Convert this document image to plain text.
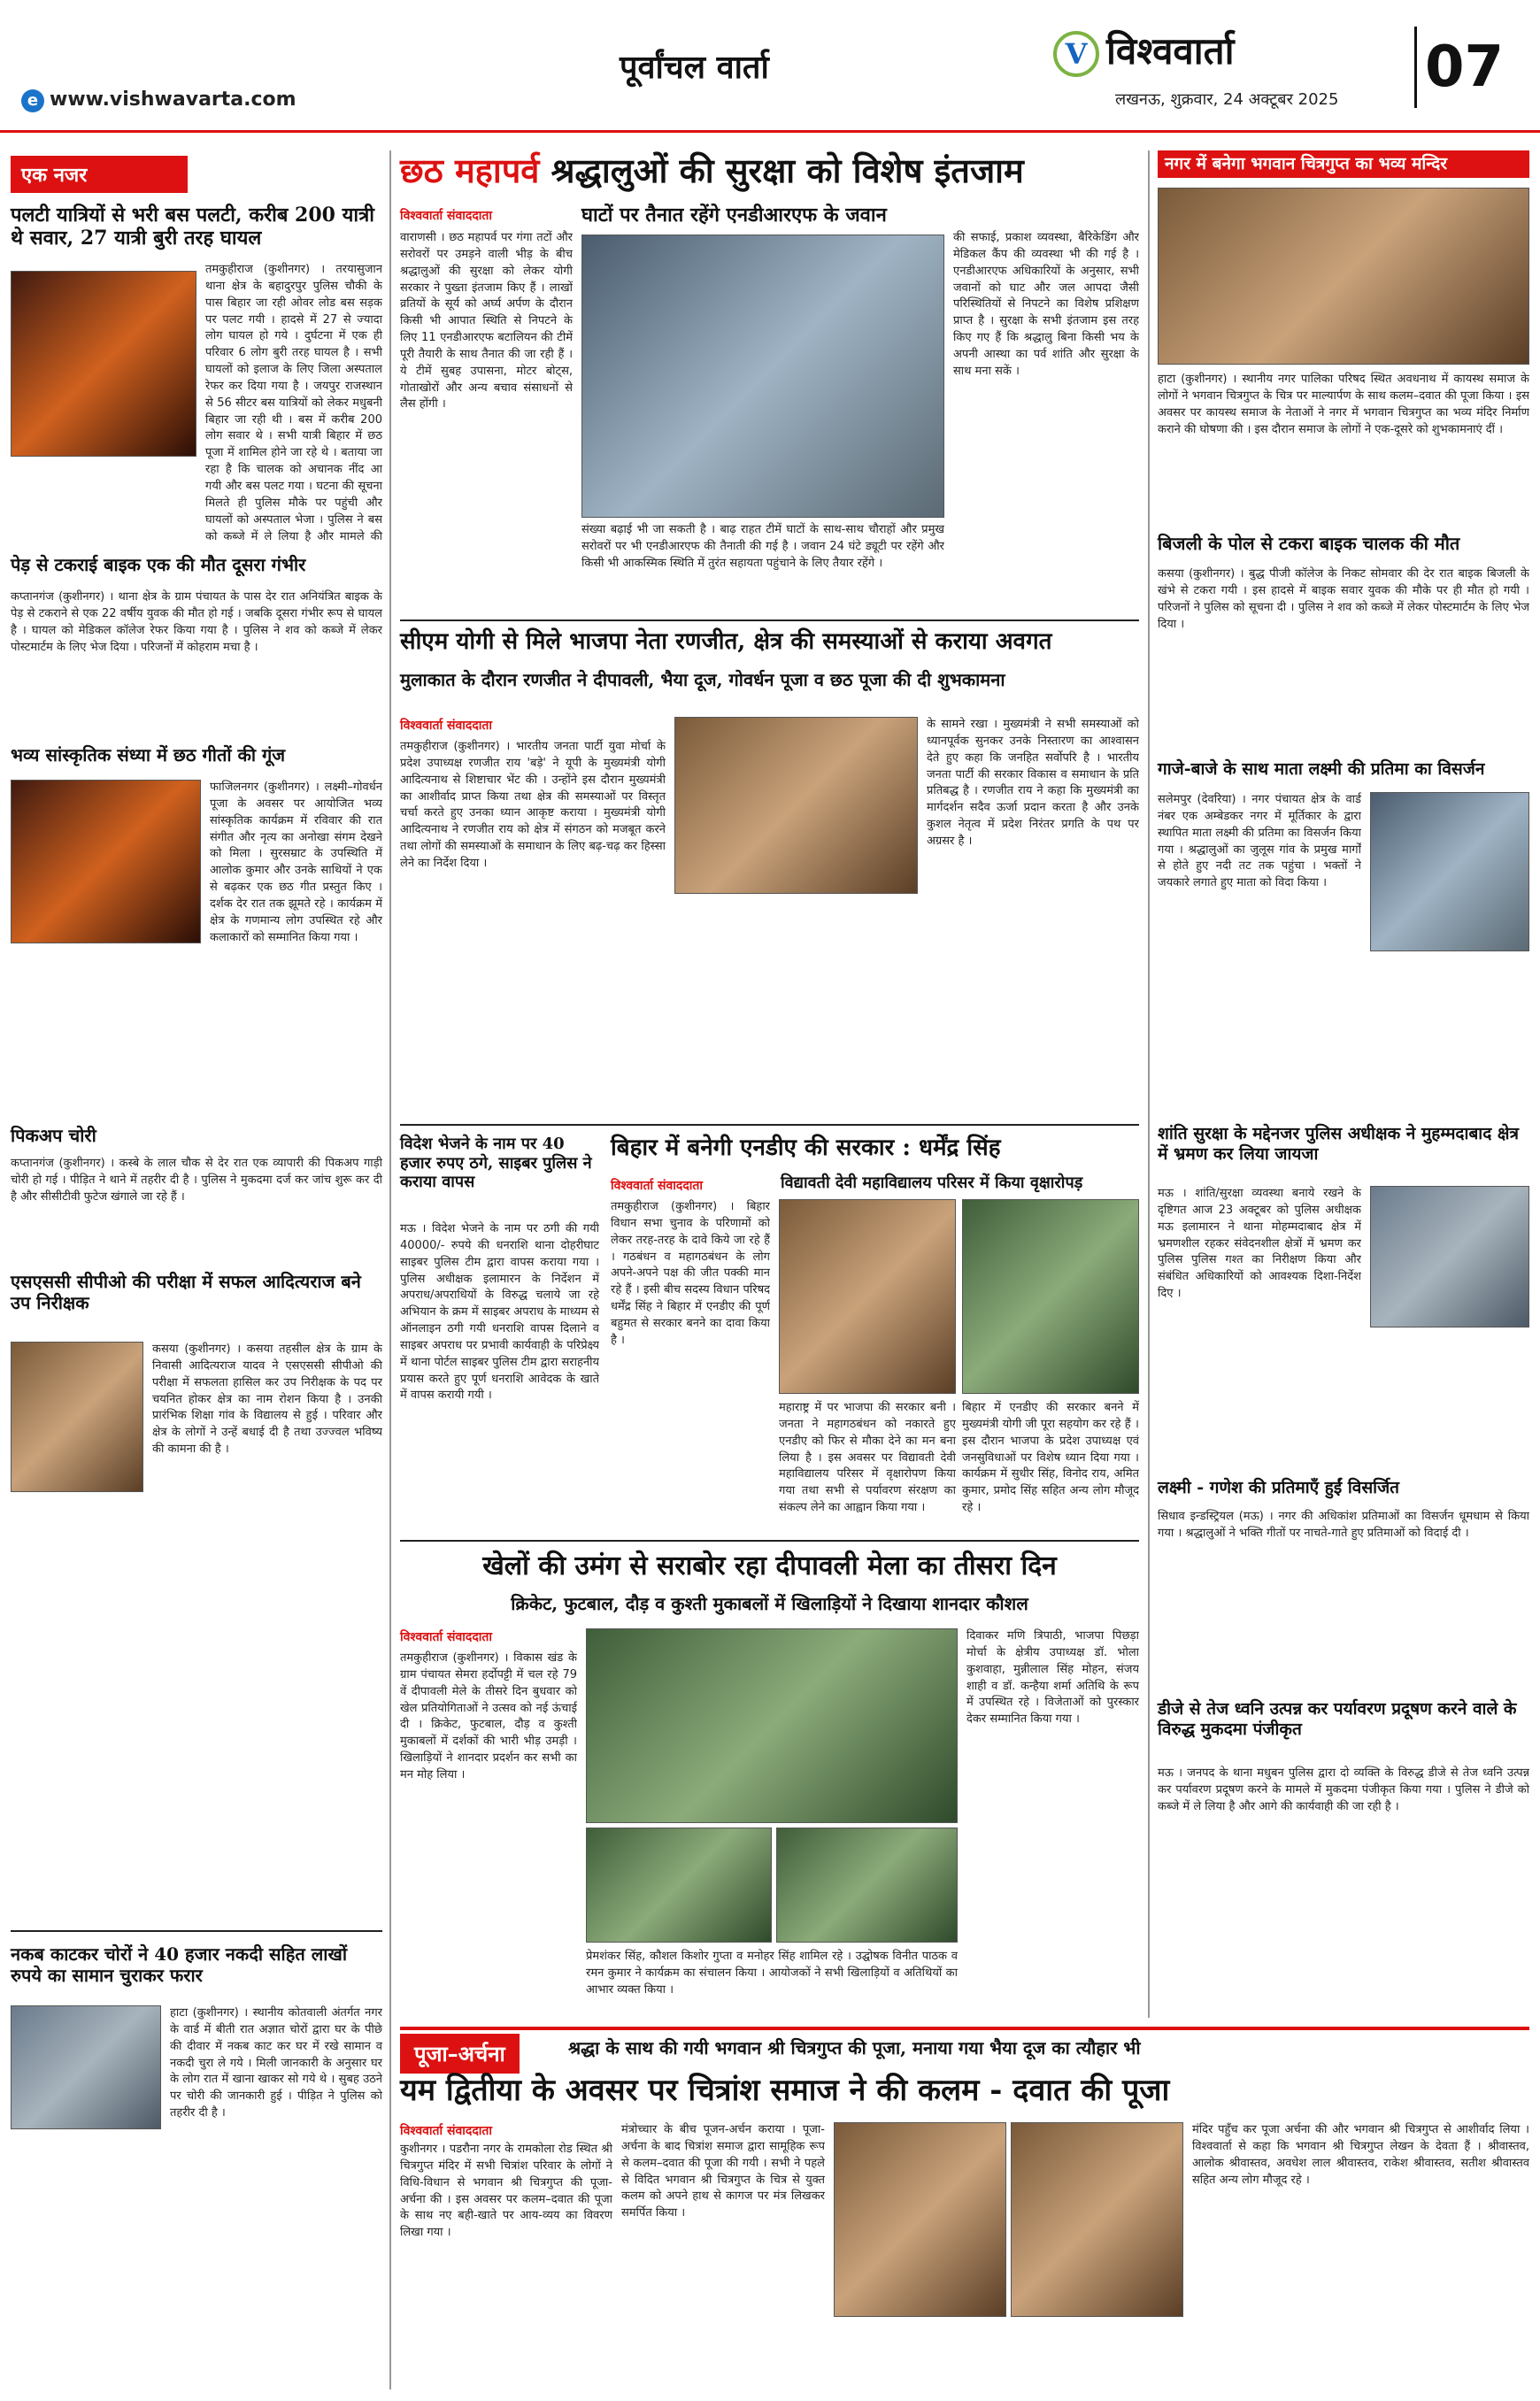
e www.vishwavarta.com
पूर्वांचल वार्ता	V विश्ववार्ता
लखनऊ, शुक्रवार, 24 अक्टूबर 2025 07
एक नजर
पलटी यात्रियों से भरी बस पलटी, करीब 200 यात्री थे सवार, 27 यात्री बुरी तरह घायल
तमकुहीराज (कुशीनगर) । तरयासुजान थाना क्षेत्र के बहादुरपुर पुलिस चौकी के पास बिहार जा रही ओवर लोड बस सड़क पर पलट गयी । हादसे में 27 से ज्यादा लोग घायल हो गये । दुर्घटना में एक ही परिवार 6 लोग बुरी तरह घायल है । सभी घायलों को इलाज के लिए जिला अस्पताल रेफर कर दिया गया है । जयपुर राजस्थान से 56 सीटर बस यात्रियों को लेकर मधुबनी बिहार जा रही थी । बस में करीब 200 लोग सवार थे । सभी यात्री बिहार में छठ पूजा में शामिल होने जा रहे थे । बताया जा रहा है कि चालक को अचानक नींद आ गयी और बस पलट गया । घटना की सूचना मिलते ही पुलिस मौके पर पहुंची और घायलों को अस्पताल भेजा । पुलिस ने बस को कब्जे में ले लिया है और मामले की
पेड़ से टकराई बाइक एक की मौत दूसरा गंभीर
कप्तानगंज (कुशीनगर) । थाना क्षेत्र के ग्राम पंचायत के पास देर रात अनियंत्रित बाइक के पेड़ से टकराने से एक 22 वर्षीय युवक की मौत हो गई । जबकि दूसरा गंभीर रूप से घायल है । घायल को मेडिकल कॉलेज रेफर किया गया है । पुलिस ने शव को कब्जे में लेकर पोस्टमार्टम के लिए भेज दिया । परिजनों में कोहराम मचा है ।
भव्य सांस्कृतिक संध्या में छठ गीतों की गूंज
फाजिलनगर (कुशीनगर) । लक्ष्मी–गोवर्धन पूजा के अवसर पर आयोजित भव्य सांस्कृतिक कार्यक्रम में रविवार की रात संगीत और नृत्य का अनोखा संगम देखने को मिला । सुरसम्राट के उपस्थिति में आलोक कुमार और उनके साथियों ने एक से बढ़कर एक छठ गीत प्रस्तुत किए । दर्शक देर रात तक झूमते रहे । कार्यक्रम में क्षेत्र के गणमान्य लोग उपस्थित रहे और कलाकारों को सम्मानित किया गया ।
पिकअप चोरी
कप्तानगंज (कुशीनगर) । कस्बे के लाल चौक से देर रात एक व्यापारी की पिकअप गाड़ी चोरी हो गई । पीड़ित ने थाने में तहरीर दी है । पुलिस ने मुकदमा दर्ज कर जांच शुरू कर दी है और सीसीटीवी फुटेज खंगाले जा रहे हैं ।
एसएससी सीपीओ की परीक्षा में सफल आदित्यराज बने उप निरीक्षक
कसया (कुशीनगर) । कसया तहसील क्षेत्र के ग्राम के निवासी आदित्यराज यादव ने एसएससी सीपीओ की परीक्षा में सफलता हासिल कर उप निरीक्षक के पद पर चयनित होकर क्षेत्र का नाम रोशन किया है । उनकी प्रारंभिक शिक्षा गांव के विद्यालय से हुई । परिवार और क्षेत्र के लोगों ने उन्हें बधाई दी है तथा उज्ज्वल भविष्य की कामना की है ।
नकब काटकर चोरों ने 40 हजार नकदी सहित लाखों रुपये का सामान चुराकर फरार
हाटा (कुशीनगर) । स्थानीय कोतवाली अंतर्गत नगर के वार्ड में बीती रात अज्ञात चोरों द्वारा घर के पीछे की दीवार में नकब काट कर घर में रखे सामान व नकदी चुरा ले गये । मिली जानकारी के अनुसार घर के लोग रात में खाना खाकर सो गये थे । सुबह उठने पर चोरी की जानकारी हुई । पीड़ित ने पुलिस को तहरीर दी है ।
छठ महापर्व श्रद्धालुओं की सुरक्षा को विशेष इंतजाम
विश्ववार्ता संवाददाता	घाटों पर तैनात रहेंगे एनडीआरएफ के जवान
वाराणसी । छठ महापर्व पर गंगा तटों और सरोवरों पर उमड़ने वाली भीड़ के बीच श्रद्धालुओं की सुरक्षा को लेकर योगी सरकार ने पुख्ता इंतजाम किए हैं । लाखों व्रतियों के सूर्य को अर्घ्य अर्पण के दौरान किसी भी आपात स्थिति से निपटने के लिए 11 एनडीआरएफ बटालियन की टीमें पूरी तैयारी के साथ तैनात की जा रही हैं । ये टीमें सुबह उपासना, मोटर बोट्स, गोताखोरों और अन्य बचाव संसाधनों से लैस होंगी ।
संख्या बढ़ाई भी जा सकती है । बाढ़ राहत टीमें घाटों के साथ-साथ चौराहों और प्रमुख सरोवरों पर भी एनडीआरएफ की तैनाती की गई है । जवान 24 घंटे ड्यूटी पर रहेंगे और किसी भी आकस्मिक स्थिति में तुरंत सहायता पहुंचाने के लिए तैयार रहेंगे ।
की सफाई, प्रकाश व्यवस्था, बैरिकेडिंग और मेडिकल कैंप की व्यवस्था भी की गई है । एनडीआरएफ अधिकारियों के अनुसार, सभी जवानों को घाट और जल आपदा जैसी परिस्थितियों से निपटने का विशेष प्रशिक्षण प्राप्त है । सुरक्षा के सभी इंतजाम इस तरह किए गए हैं कि श्रद्धालु बिना किसी भय के अपनी आस्था का पर्व शांति और सुरक्षा के साथ मना सकें ।
सीएम योगी से मिले भाजपा नेता रणजीत, क्षेत्र की समस्याओं से कराया अवगत
मुलाकात के दौरान रणजीत ने दीपावली, भैया दूज, गोवर्धन पूजा व छठ पूजा की दी शुभकामना
विश्ववार्ता संवाददाता
तमकुहीराज (कुशीनगर) । भारतीय जनता पार्टी युवा मोर्चा के प्रदेश उपाध्यक्ष रणजीत राय 'बड़े' ने यूपी के मुख्यमंत्री योगी आदित्यनाथ से शिष्टाचार भेंट की । उन्होंने इस दौरान मुख्यमंत्री का आशीर्वाद प्राप्त किया तथा क्षेत्र की समस्याओं पर विस्तृत चर्चा करते हुए उनका ध्यान आकृष्ट कराया । मुख्यमंत्री योगी आदित्यनाथ ने रणजीत राय को क्षेत्र में संगठन को मजबूत करने तथा लोगों की समस्याओं के समाधान के लिए बढ़-चढ़ कर हिस्सा लेने का निर्देश दिया ।
के सामने रखा । मुख्यमंत्री ने सभी समस्याओं को ध्यानपूर्वक सुनकर उनके निस्तारण का आश्वासन देते हुए कहा कि जनहित सर्वोपरि है । भारतीय जनता पार्टी की सरकार विकास व समाधान के प्रति प्रतिबद्ध है । रणजीत राय ने कहा कि मुख्यमंत्री का मार्गदर्शन सदैव ऊर्जा प्रदान करता है और उनके कुशल नेतृत्व में प्रदेश निरंतर प्रगति के पथ पर अग्रसर है ।
विदेश भेजने के नाम पर 40 हजार रुपए ठगे, साइबर पुलिस ने कराया वापस
मऊ । विदेश भेजने के नाम पर ठगी की गयी 40000/- रुपये की धनराशि थाना दोहरीघाट साइबर पुलिस टीम द्वारा वापस कराया गया । पुलिस अधीक्षक इलामारन के निर्देशन में अपराध/अपराधियों के विरुद्ध चलाये जा रहे अभियान के क्रम में साइबर अपराध के माध्यम से ऑनलाइन ठगी गयी धनराशि वापस दिलाने व साइबर अपराध पर प्रभावी कार्यवाही के परिप्रेक्ष्य में थाना पोर्टल साइबर पुलिस टीम द्वारा सराहनीय प्रयास करते हुए पूर्ण धनराशि आवेदक के खाते में वापस करायी गयी ।
बिहार में बनेगी एनडीए की सरकार : धर्मेंद्र सिंह
विश्ववार्ता संवाददाता	विद्यावती देवी महाविद्यालय परिसर में किया वृक्षारोपड़
तमकुहीराज (कुशीनगर) । बिहार विधान सभा चुनाव के परिणामों को लेकर तरह-तरह के दावे किये जा रहे हैं । गठबंधन व महागठबंधन के लोग अपने-अपने पक्ष की जीत पक्की मान रहे हैं । इसी बीच सदस्य विधान परिषद धर्मेंद्र सिंह ने बिहार में एनडीए की पूर्ण बहुमत से सरकार बनने का दावा किया है ।
महाराष्ट्र में पर भाजपा की सरकार बनी । जनता ने महागठबंधन को नकारते हुए एनडीए को फिर से मौका देने का मन बना लिया है । इस अवसर पर विद्यावती देवी महाविद्यालय परिसर में वृक्षारोपण किया गया तथा सभी से पर्यावरण संरक्षण का संकल्प लेने का आह्वान किया गया ।
बिहार में एनडीए की सरकार बनने में मुख्यमंत्री योगी जी पूरा सहयोग कर रहे हैं । इस दौरान भाजपा के प्रदेश उपाध्यक्ष एवं जनसुविधाओं पर विशेष ध्यान दिया गया । कार्यक्रम में सुधीर सिंह, विनोद राय, अमित कुमार, प्रमोद सिंह सहित अन्य लोग मौजूद रहे ।
खेलों की उमंग से सराबोर रहा दीपावली मेला का तीसरा दिन
क्रिकेट, फुटबाल, दौड़ व कुश्ती मुकाबलों में खिलाड़ियों ने दिखाया शानदार कौशल
विश्ववार्ता संवाददाता
तमकुहीराज (कुशीनगर) । विकास खंड के ग्राम पंचायत सेमरा हर्दोपट्टी में चल रहे 79 वें दीपावली मेले के तीसरे दिन बुधवार को खेल प्रतियोगिताओं ने उत्सव को नई ऊंचाई दी । क्रिकेट, फुटबाल, दौड़ व कुश्ती मुकाबलों में दर्शकों की भारी भीड़ उमड़ी । खिलाड़ियों ने शानदार प्रदर्शन कर सभी का मन मोह लिया ।
दिवाकर मणि त्रिपाठी, भाजपा पिछड़ा मोर्चा के क्षेत्रीय उपाध्यक्ष डॉ. भोला कुशवाहा, मुन्नीलाल सिंह मोहन, संजय शाही व डॉ. कन्हैया शर्मा अतिथि के रूप में उपस्थित रहे । विजेताओं को पुरस्कार देकर सम्मानित किया गया ।
प्रेमशंकर सिंह, कौशल किशोर गुप्ता व मनोहर सिंह शामिल रहे । उद्घोषक विनीत पाठक व रमन कुमार ने कार्यक्रम का संचालन किया । आयोजकों ने सभी खिलाड़ियों व अतिथियों का आभार व्यक्त किया ।
नगर में बनेगा भगवान चित्रगुप्त का भव्य मन्दिर
हाटा (कुशीनगर) । स्थानीय नगर पालिका परिषद स्थित अवधनाथ में कायस्थ समाज के लोगों ने भगवान चित्रगुप्त के चित्र पर माल्यार्पण के साथ कलम–दवात की पूजा किया । इस अवसर पर कायस्थ समाज के नेताओं ने नगर में भगवान चित्रगुप्त का भव्य मंदिर निर्माण कराने की घोषणा की । इस दौरान समाज के लोगों ने एक-दूसरे को शुभकामनाएं दीं ।
बिजली के पोल से टकरा बाइक चालक की मौत
कसया (कुशीनगर) । बुद्ध पीजी कॉलेज के निकट सोमवार की देर रात बाइक बिजली के खंभे से टकरा गयी । इस हादसे में बाइक सवार युवक की मौके पर ही मौत हो गयी । परिजनों ने पुलिस को सूचना दी । पुलिस ने शव को कब्जे में लेकर पोस्टमार्टम के लिए भेज दिया ।
गाजे-बाजे के साथ माता लक्ष्मी की प्रतिमा का विसर्जन
सलेमपुर (देवरिया) । नगर पंचायत क्षेत्र के वार्ड नंबर एक अम्बेडकर नगर में मूर्तिकार के द्वारा स्थापित माता लक्ष्मी की प्रतिमा का विसर्जन किया गया । श्रद्धालुओं का जुलूस गांव के प्रमुख मार्गों से होते हुए नदी तट तक पहुंचा । भक्तों ने जयकारे लगाते हुए माता को विदा किया ।
शांति सुरक्षा के मद्देनजर पुलिस अधीक्षक ने मुहम्मदाबाद क्षेत्र में भ्रमण कर लिया जायजा
मऊ । शांति/सुरक्षा व्यवस्था बनाये रखने के दृष्टिगत आज 23 अक्टूबर को पुलिस अधीक्षक मऊ इलामारन ने थाना मोहम्मदाबाद क्षेत्र में भ्रमणशील रहकर संवेदनशील क्षेत्रों में भ्रमण कर पुलिस पुलिस गश्त का निरीक्षण किया और संबंधित अधिकारियों को आवश्यक दिशा-निर्देश दिए ।
लक्ष्मी - गणेश की प्रतिमाएँ हुईं विसर्जित
सिधाव इन्डस्ट्रियल (मऊ) । नगर की अधिकांश प्रतिमाओं का विसर्जन धूमधाम से किया गया । श्रद्धालुओं ने भक्ति गीतों पर नाचते-गाते हुए प्रतिमाओं को विदाई दी ।
डीजे से तेज ध्वनि उत्पन्न कर पर्यावरण प्रदूषण करने वाले के विरुद्ध मुकदमा पंजीकृत
मऊ । जनपद के थाना मधुबन पुलिस द्वारा दो व्यक्ति के विरुद्ध डीजे से तेज ध्वनि उत्पन्न कर पर्यावरण प्रदूषण करने के मामले में मुकदमा पंजीकृत किया गया । पुलिस ने डीजे को कब्जे में ले लिया है और आगे की कार्यवाही की जा रही है ।
पूजा–अर्चना	श्रद्धा के साथ की गयी भगवान श्री चित्रगुप्त की पूजा, मनाया गया भैया दूज का त्यौहार भी
यम द्वितीया के अवसर पर चित्रांश समाज ने की कलम - दवात की पूजा
विश्ववार्ता संवाददाता
कुशीनगर । पडरौना नगर के रामकोला रोड स्थित श्री चित्रगुप्त मंदिर में सभी चित्रांश परिवार के लोगों ने विधि-विधान से भगवान श्री चित्रगुप्त की पूजा-अर्चना की । इस अवसर पर कलम–दवात की पूजा के साथ नए बही-खाते पर आय-व्यय का विवरण लिखा गया ।
मंत्रोच्चार के बीच पूजन-अर्चन कराया । पूजा-अर्चना के बाद चित्रांश समाज द्वारा सामूहिक रूप से कलम–दवात की पूजा की गयी । सभी ने पहले से विदित भगवान श्री चित्रगुप्त के चित्र से युक्त कलम को अपने हाथ से कागज पर मंत्र लिखकर समर्पित किया ।
मंदिर पहुँच कर पूजा अर्चना की और भगवान श्री चित्रगुप्त से आशीर्वाद लिया । विश्ववार्ता से कहा कि भगवान श्री चित्रगुप्त लेखन के देवता हैं । श्रीवास्तव, आलोक श्रीवास्तव, अवधेश लाल श्रीवास्तव, राकेश श्रीवास्तव, सतीश श्रीवास्तव सहित अन्य लोग मौजूद रहे ।
